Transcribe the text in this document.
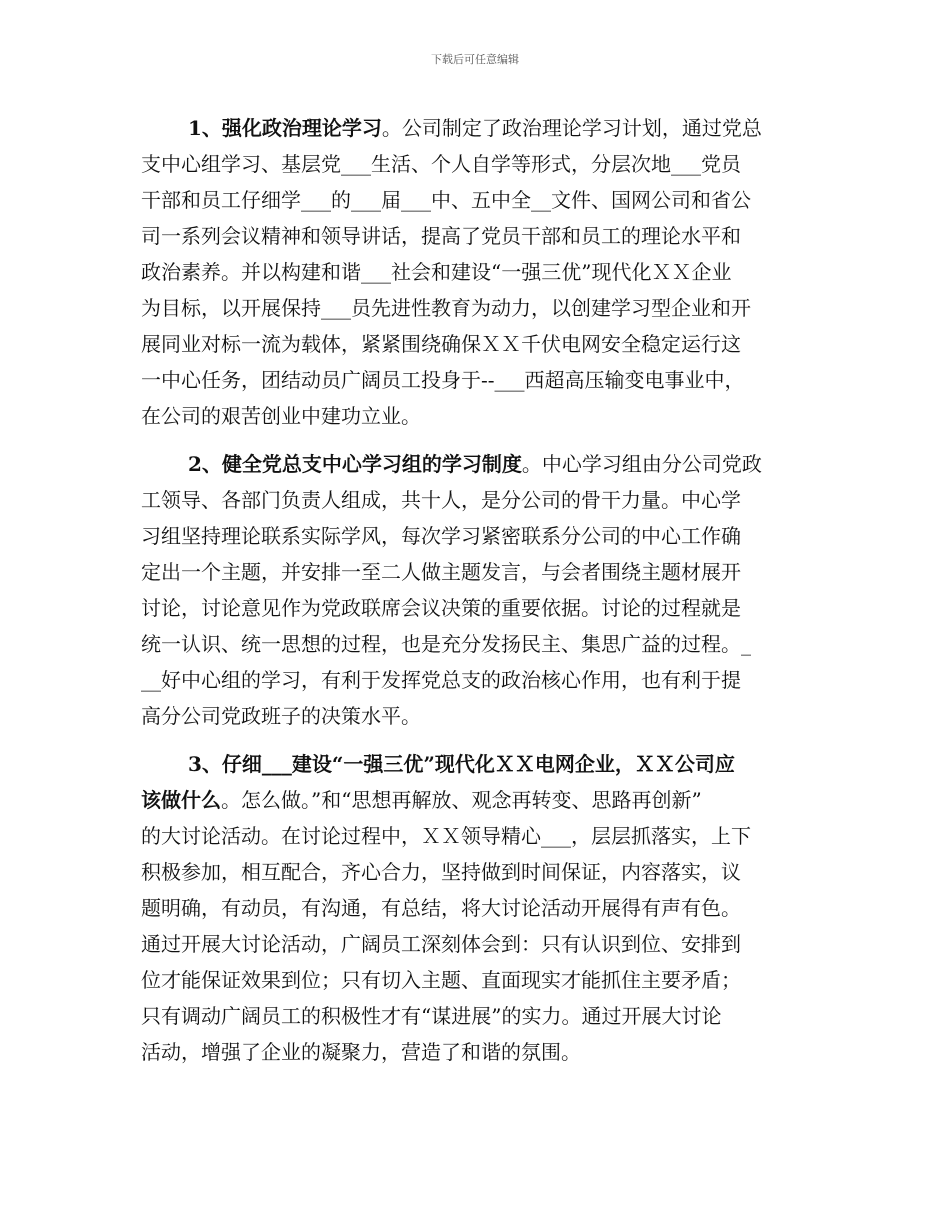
下载后可任意编辑
1、强化政治理论学习。公司制定了政治理论学习计划，通过党总
支中心组学习、基层党___生活、个人自学等形式，分层次地___党员
干部和员工仔细学___的___届___中、五中全__文件、国网公司和省公
司一系列会议精神和领导讲话，提高了党员干部和员工的理论水平和
政治素养。并以构建和谐___社会和建设“一强三优”现代化ＸＸ企业
为目标，以开展保持___员先进性教育为动力，以创建学习型企业和开
展同业对标一流为载体，紧紧围绕确保ＸＸ千伏电网安全稳定运行这
一中心任务，团结动员广阔员工投身于--___西超高压输变电事业中，
在公司的艰苦创业中建功立业。
2、健全党总支中心学习组的学习制度。中心学习组由分公司党政
工领导、各部门负责人组成，共十人，是分公司的骨干力量。中心学
习组坚持理论联系实际学风，每次学习紧密联系分公司的中心工作确
定出一个主题，并安排一至二人做主题发言，与会者围绕主题材展开
讨论，讨论意见作为党政联席会议决策的重要依据。讨论的过程就是
统一认识、统一思想的过程，也是充分发扬民主、集思广益的过程。_
__好中心组的学习，有利于发挥党总支的政治核心作用，也有利于提
高分公司党政班子的决策水平。
3、仔细___建设“一强三优”现代化ＸＸ电网企业，ＸＸ公司应
该做什么。怎么做。”和“思想再解放、观念再转变、思路再创新”
的大讨论活动。在讨论过程中，ＸＸ领导精心___，层层抓落实，上下
积极参加，相互配合，齐心合力，坚持做到时间保证，内容落实，议
题明确，有动员，有沟通，有总结，将大讨论活动开展得有声有色。
通过开展大讨论活动，广阔员工深刻体会到：只有认识到位、安排到
位才能保证效果到位；只有切入主题、直面现实才能抓住主要矛盾；
只有调动广阔员工的积极性才有“谋进展”的实力。通过开展大讨论
活动，增强了企业的凝聚力，营造了和谐的氛围。
